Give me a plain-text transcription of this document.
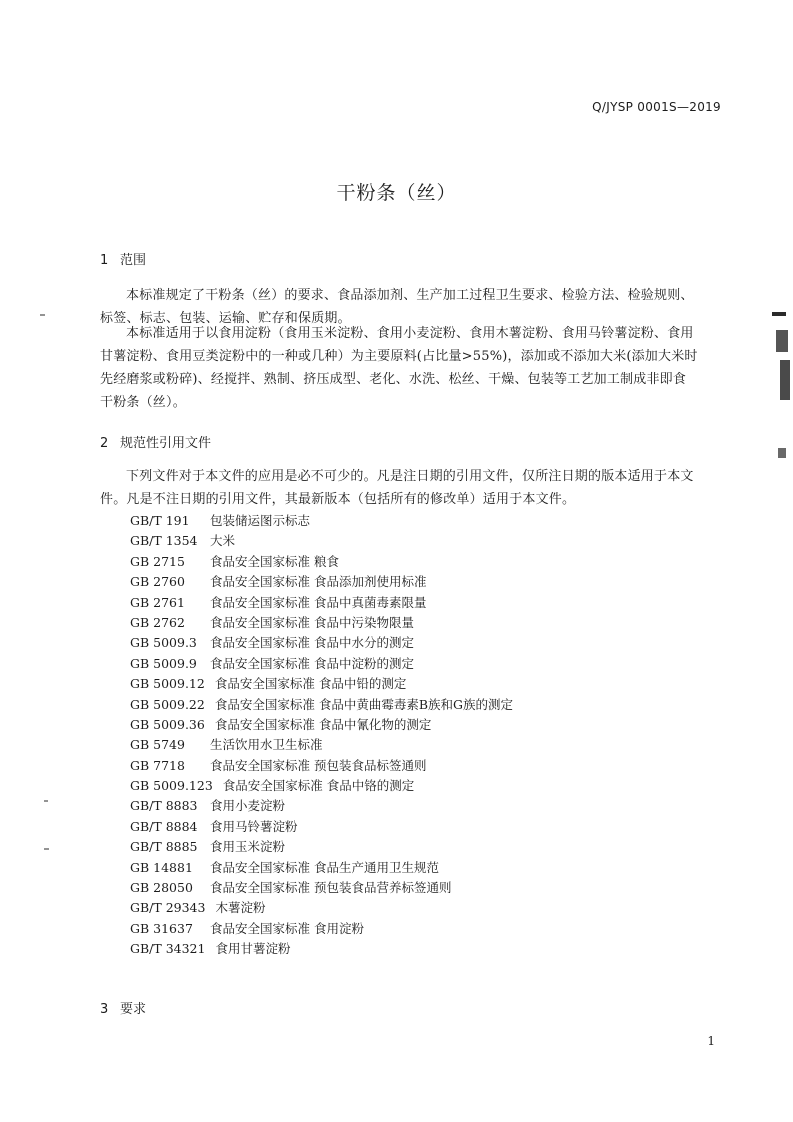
Q/JYSP 0001S—2019
干粉条（丝）
1 范围
本标准规定了干粉条（丝）的要求、食品添加剂、生产加工过程卫生要求、检验方法、检验规则、
标签、标志、包装、运输、贮存和保质期。
本标准适用于以食用淀粉（食用玉米淀粉、食用小麦淀粉、食用木薯淀粉、食用马铃薯淀粉、食用
甘薯淀粉、食用豆类淀粉中的一种或几种）为主要原料(占比量>55%)，添加或不添加大米(添加大米时
先经磨浆或粉碎)、经搅拌、熟制、挤压成型、老化、水洗、松丝、干燥、包装等工艺加工制成非即食
干粉条（丝）。
2 规范性引用文件
下列文件对于本文件的应用是必不可少的。凡是注日期的引用文件，仅所注日期的版本适用于本文
件。凡是不注日期的引用文件，其最新版本（包括所有的修改单）适用于本文件。
GB/T 191 包装储运图示标志
GB/T 1354 大米
GB 2715 食品安全国家标准 粮食
GB 2760 食品安全国家标准 食品添加剂使用标准
GB 2761 食品安全国家标准 食品中真菌毒素限量
GB 2762 食品安全国家标准 食品中污染物限量
GB 5009.3 食品安全国家标准 食品中水分的测定
GB 5009.9 食品安全国家标准 食品中淀粉的测定
GB 5009.12 食品安全国家标准 食品中铅的测定
GB 5009.22 食品安全国家标准 食品中黄曲霉毒素B族和G族的测定
GB 5009.36 食品安全国家标准 食品中氰化物的测定
GB 5749 生活饮用水卫生标准
GB 7718 食品安全国家标准 预包装食品标签通则
GB 5009.123 食品安全国家标准 食品中铬的测定
GB/T 8883 食用小麦淀粉
GB/T 8884 食用马铃薯淀粉
GB/T 8885 食用玉米淀粉
GB 14881 食品安全国家标准 食品生产通用卫生规范
GB 28050 食品安全国家标准 预包装食品营养标签通则
GB/T 29343 木薯淀粉
GB 31637 食品安全国家标准 食用淀粉
GB/T 34321 食用甘薯淀粉
3 要求
1
